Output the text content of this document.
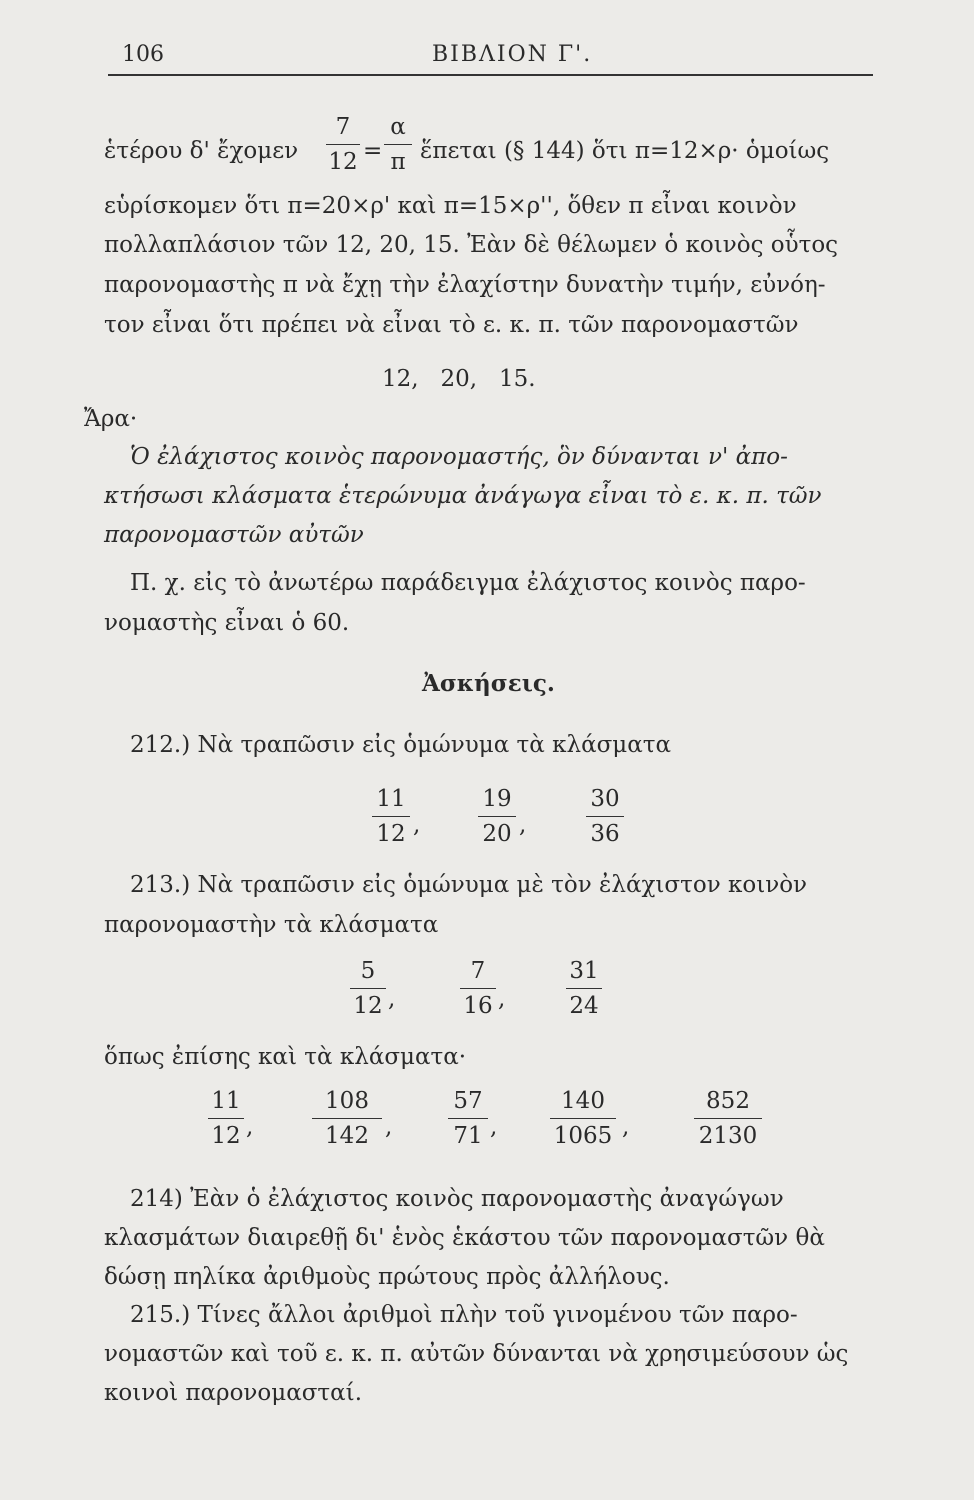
106	ΒΙΒΛΙΟΝ Γ'.
ἑτέρου δ' ἔχομεν
7
12 =
α
π ἕπεται (§ 144) ὅτι π=12×ρ· ὁμοίως
εὑρίσκομεν ὅτι π=20×ρ' καὶ π=15×ρ'', ὅθεν π εἶναι κοινὸν
πολλαπλάσιον τῶν 12, 20, 15. Ἐὰν δὲ θέλωμεν ὁ κοινὸς οὗτος
παρονομαστὴς π νὰ ἔχῃ τὴν ἐλαχίστην δυνατὴν τιμήν, εὐνόη-
τον εἶναι ὅτι πρέπει νὰ εἶναι τὸ ε. κ. π. τῶν παρονομαστῶν
12,   20,   15.
Ἄρα·
Ὁ ἐλάχιστος κοινὸς παρονομαστής, ὃν δύνανται ν' ἀπο-
κτήσωσι κλάσματα ἑτερώνυμα ἀνάγωγα εἶναι τὸ ε. κ. π. τῶν
παρονομαστῶν αὐτῶν
Π. χ. εἰς τὸ ἀνωτέρω παράδειγμα ἐλάχιστος κοινὸς παρο-
νομαστὴς εἶναι ὁ 60.
Ἀσκήσεις.
212.) Νὰ τραπῶσιν εἰς ὁμώνυμα τὰ κλάσματα
11
12 ,
19
20 ,
30
36
213.) Νὰ τραπῶσιν εἰς ὁμώνυμα μὲ τὸν ἐλάχιστον κοινὸν
παρονομαστὴν τὰ κλάσματα
5
12 ,
7
16 ,
31
24
ὅπως ἐπίσης καὶ τὰ κλάσματα·
11
12 ,
108
142 ,
57
71 ,
140
1065 ,
852
2130
214) Ἐὰν ὁ ἐλάχιστος κοινὸς παρονομαστὴς ἀναγώγων
κλασμάτων διαιρεθῇ δι' ἑνὸς ἑκάστου τῶν παρονομαστῶν θὰ
δώσῃ πηλίκα ἀριθμοὺς πρώτους πρὸς ἀλλήλους.
215.) Τίνες ἄλλοι ἀριθμοὶ πλὴν τοῦ γινομένου τῶν παρο-
νομαστῶν καὶ τοῦ ε. κ. π. αὐτῶν δύνανται νὰ χρησιμεύσουν ὡς
κοινοὶ παρονομασταί.
